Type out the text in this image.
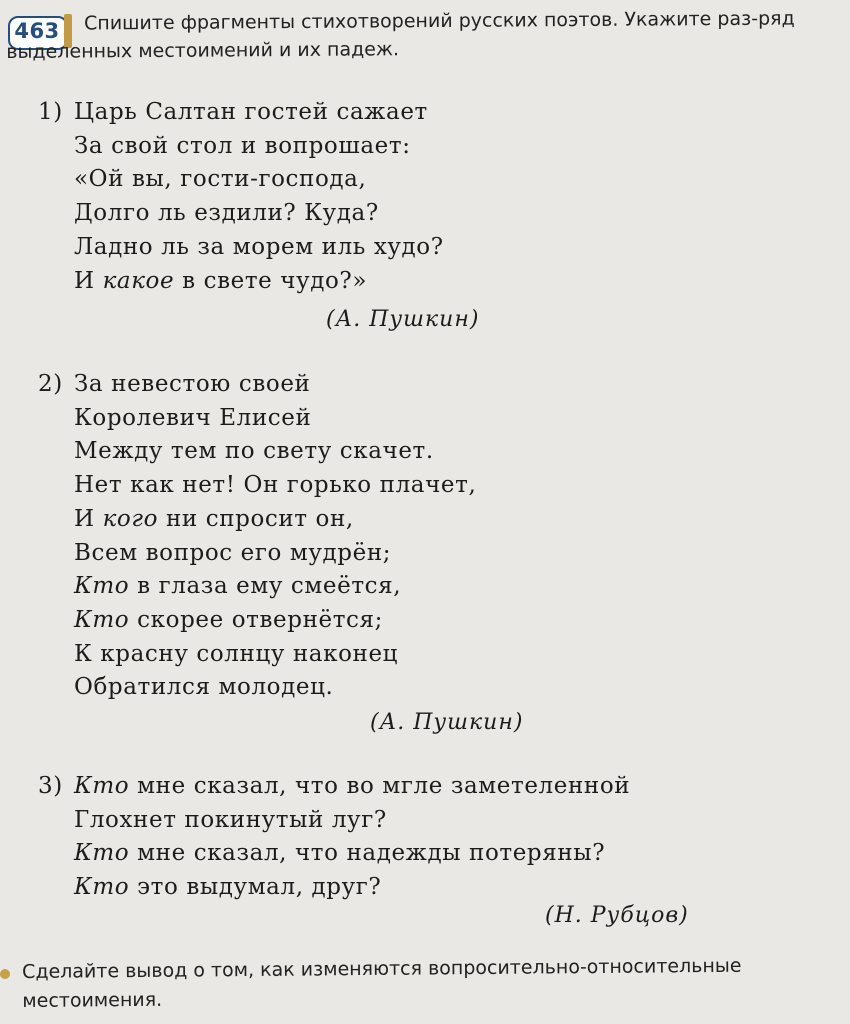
463	Спишите фрагменты стихотворений русских поэтов. Укажите раз-ряд выделенных местоимений и их падеж.
1) Царь Салтан гостей сажает
За свой стол и вопрошает:
«Ой вы, гости-господа,
Долго ль ездили? Куда?
Ладно ль за морем иль худо?
И какое в свете чудо?»
(А. Пушкин)
2) За невестою своей
Королевич Елисей
Между тем по свету скачет.
Нет как нет! Он горько плачет,
И кого ни спросит он,
Всем вопрос его мудрён;
Кто в глаза ему смеётся,
Кто скорее отвернётся;
К красну солнцу наконец
Обратился молодец.
(А. Пушкин)
3) Кто мне сказал, что во мгле заметеленной
Глохнет покинутый луг?
Кто мне сказал, что надежды потеряны?
Кто это выдумал, друг?
(Н. Рубцов)
Сделайте вывод о том, как изменяются вопросительно-относительные местоимения.
